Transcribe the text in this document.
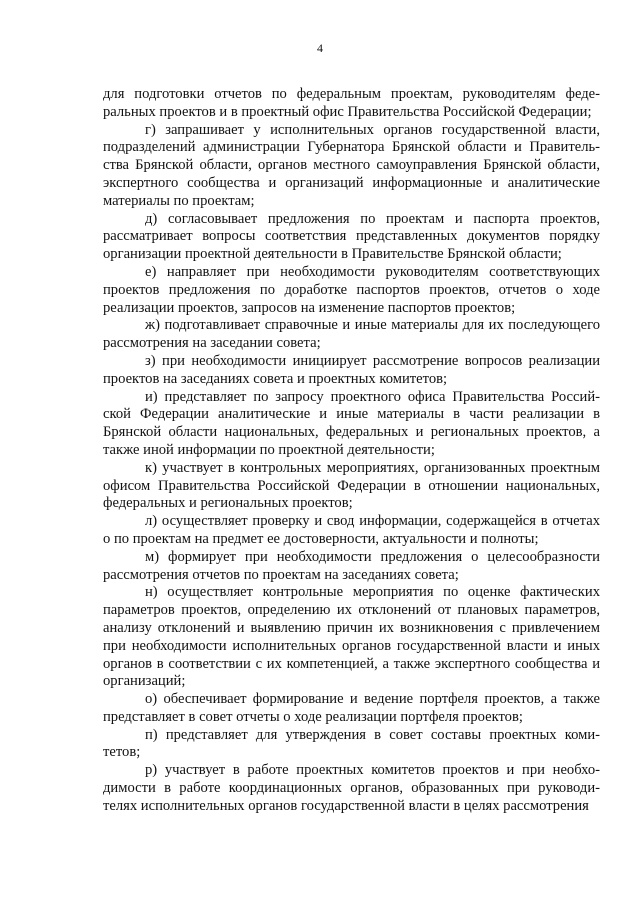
4

для подготовки отчетов по федеральным проектам, руководителям феде-ральных проектов и в проектный офис Правительства Российской Федерации;

г) запрашивает у исполнительных органов государственной власти, подразделений администрации Губернатора Брянской области и Правитель-ства Брянской области, органов местного самоуправления Брянской области, экспертного сообщества и организаций информационные и аналитические материалы по проектам;

д) согласовывает предложения по проектам и паспорта проектов, рассматривает вопросы соответствия представленных документов порядку организации проектной деятельности в Правительстве Брянской области;

е) направляет при необходимости руководителям соответствующих проектов предложения по доработке паспортов проектов, отчетов о ходе реализации проектов, запросов на изменение паспортов проектов;

ж) подготавливает справочные и иные материалы для их последующего рассмотрения на заседании совета;

з) при необходимости инициирует рассмотрение вопросов реализации проектов на заседаниях совета и проектных комитетов;

и) представляет по запросу проектного офиса Правительства Россий-ской Федерации аналитические и иные материалы в части реализации в Брянской области национальных, федеральных и региональных проектов, а также иной информации по проектной деятельности;

к) участвует в контрольных мероприятиях, организованных проектным офисом Правительства Российской Федерации в отношении национальных, федеральных и региональных проектов;

л) осуществляет проверку и свод информации, содержащейся в отчетах о по проектам на предмет ее достоверности, актуальности и полноты;

м) формирует при необходимости предложения о целесообразности рассмотрения отчетов по проектам на заседаниях совета;

н) осуществляет контрольные мероприятия по оценке фактических параметров проектов, определению их отклонений от плановых параметров, анализу отклонений и выявлению причин их возникновения с привлечением при необходимости исполнительных органов государственной власти и иных органов в соответствии с их компетенцией, а также экспертного сообщества и организаций;

о) обеспечивает формирование и ведение портфеля проектов, а также представляет в совет отчеты о ходе реализации портфеля проектов;

п) представляет для утверждения в совет составы проектных коми-тетов;

р) участвует в работе проектных комитетов проектов и при необхо-димости в работе координационных органов, образованных при руководи-телях исполнительных органов государственной власти в целях рассмотрения
